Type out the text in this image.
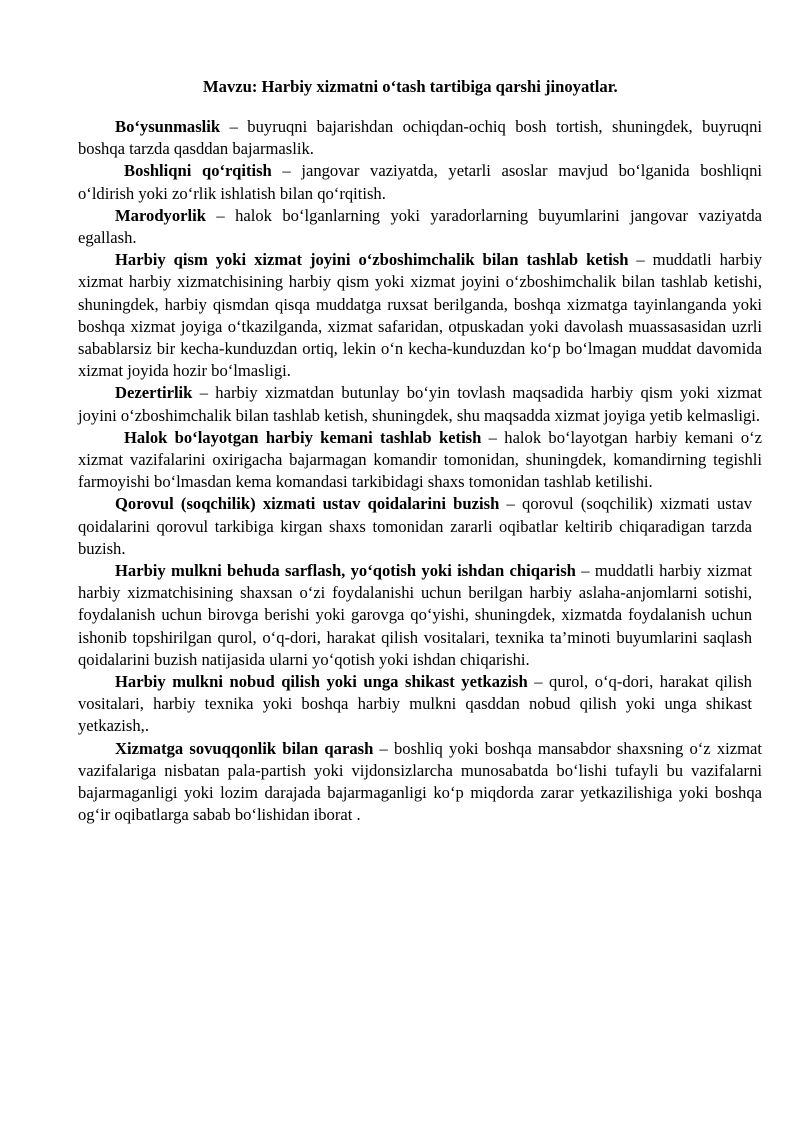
Mavzu: Harbiy xizmatni o‘tash tartibiga qarshi jinoyatlar.

Bo‘ysunmaslik – buyruqni bajarishdan ochiqdan-ochiq bosh tortish, shuningdek, buyruqni boshqa tarzda qasddan bajarmaslik.

Boshliqni qo‘rqitish – jangovar vaziyatda, yetarli asoslar mavjud bo‘lganida boshliqni o‘ldirish yoki zo‘rlik ishlatish bilan qo‘rqitish.

Marodyorlik – halok bo‘lganlarning yoki yaradorlarning buyumlarini jangovar vaziyatda egallash.

Harbiy qism yoki xizmat joyini o‘zboshimchalik bilan tashlab ketish – muddatli harbiy xizmat harbiy xizmatchisining harbiy qism yoki xizmat joyini o‘zboshimchalik bilan tashlab ketishi, shuningdek, harbiy qismdan qisqa muddatga ruxsat berilganda, boshqa xizmatga tayinlanganda yoki boshqa xizmat joyiga o‘tkazilganda, xizmat safaridan, otpuskadan yoki davolash muassasasidan uzrli sabablarsiz bir kecha-kunduzdan ortiq, lekin o‘n kecha-kunduzdan ko‘p bo‘lmagan muddat davomida xizmat joyida hozir bo‘lmasligi.

Dezertirlik – harbiy xizmatdan butunlay bo‘yin tovlash maqsadida harbiy qism yoki xizmat joyini o‘zboshimchalik bilan tashlab ketish, shuningdek, shu maqsadda xizmat joyiga yetib kelmasligi.

Halok bo‘layotgan harbiy kemani tashlab ketish – halok bo‘layotgan harbiy kemani o‘z xizmat vazifalarini oxirigacha bajarmagan komandir tomonidan, shuningdek, komandirning tegishli farmoyishi bo‘lmasdan kema komandasi tarkibidagi shaxs tomonidan tashlab ketilishi.

Qorovul (soqchilik) xizmati ustav qoidalarini buzish – qorovul (soqchilik) xizmati ustav qoidalarini qorovul tarkibiga kirgan shaxs tomonidan zararli oqibatlar keltirib chiqaradigan tarzda buzish.

Harbiy mulkni behuda sarflash, yo‘qotish yoki ishdan chiqarish – muddatli harbiy xizmat harbiy xizmatchisining shaxsan o‘zi foydalanishi uchun berilgan harbiy aslaha-anjomlarni sotishi, foydalanish uchun birovga berishi yoki garovga qo‘yishi, shuningdek, xizmatda foydalanish uchun ishonib topshirilgan qurol, o‘q-dori, harakat qilish vositalari, texnika ta’minoti buyumlarini saqlash qoidalarini buzish natijasida ularni yo‘qotish yoki ishdan chiqarishi.

Harbiy mulkni nobud qilish yoki unga shikast yetkazish – qurol, o‘q-dori, harakat qilish vositalari, harbiy texnika yoki boshqa harbiy mulkni qasddan nobud qilish yoki unga shikast yetkazish,.

Xizmatga sovuqqonlik bilan qarash – boshliq yoki boshqa mansabdor shaxsning o‘z xizmat vazifalariga nisbatan pala-partish yoki vijdonsizlarcha munosabatda bo‘lishi tufayli bu vazifalarni bajarmaganligi yoki lozim darajada bajarmaganligi ko‘p miqdorda zarar yetkazilishiga yoki boshqa og‘ir oqibatlarga sabab bo‘lishidan iborat .
